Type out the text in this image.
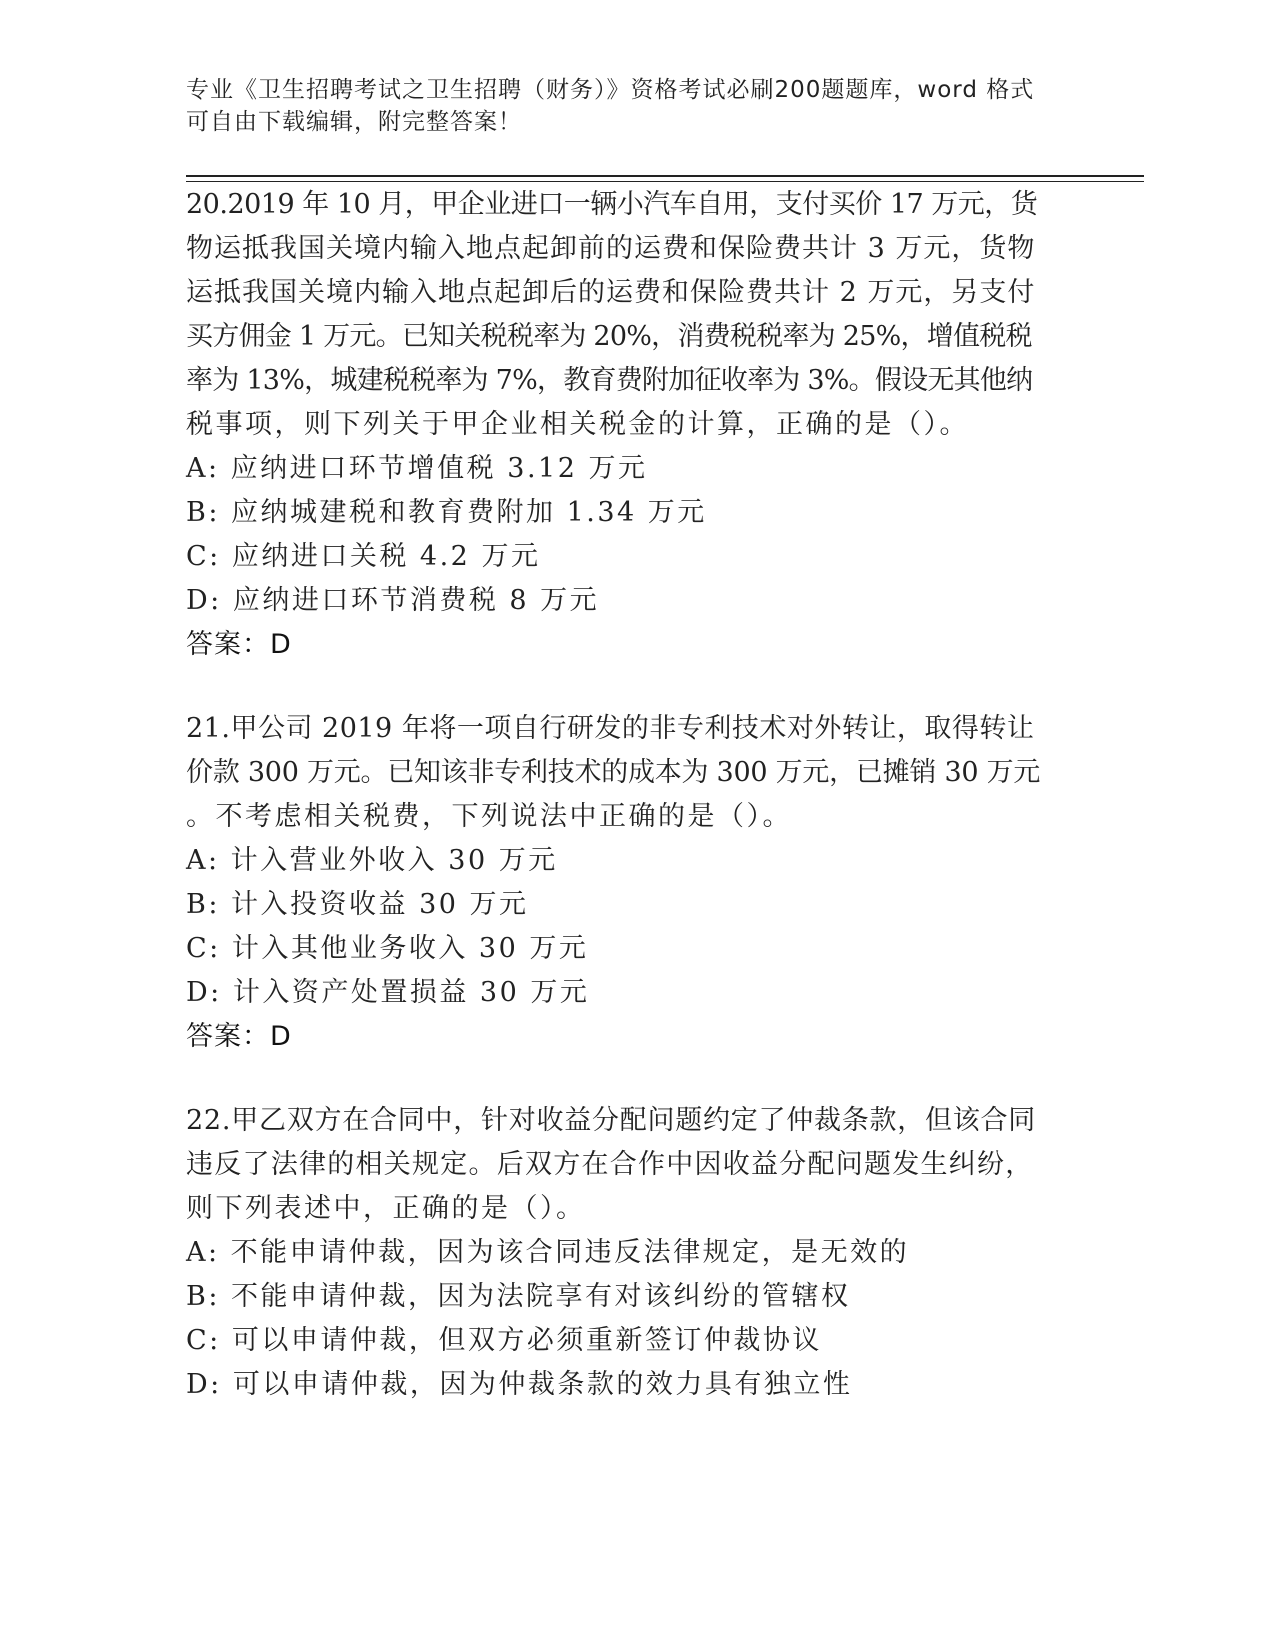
专业《卫生招聘考试之卫生招聘（财务）》资格考试必刷200题题库，word 格式
可自由下载编辑，附完整答案！
20.2019 年 10 月，甲企业进口一辆小汽车自用，支付买价 17 万元，货
物运抵我国关境内输入地点起卸前的运费和保险费共计 3 万元，货物
运抵我国关境内输入地点起卸后的运费和保险费共计 2 万元，另支付
买方佣金 1 万元。已知关税税率为 20%，消费税税率为 25%，增值税税
率为 13%，城建税税率为 7%，教育费附加征收率为 3%。假设无其他纳
税事项，则下列关于甲企业相关税金的计算，正确的是（）。
A: 应纳进口环节增值税 3.12 万元
B: 应纳城建税和教育费附加 1.34 万元
C: 应纳进口关税 4.2 万元
D: 应纳进口环节消费税 8 万元
答案：D
21.甲公司 2019 年将一项自行研发的非专利技术对外转让，取得转让
价款 300 万元。已知该非专利技术的成本为 300 万元，已摊销 30 万元
。不考虑相关税费，下列说法中正确的是（）。
A: 计入营业外收入 30 万元
B: 计入投资收益 30 万元
C: 计入其他业务收入 30 万元
D: 计入资产处置损益 30 万元
答案：D
22.甲乙双方在合同中，针对收益分配问题约定了仲裁条款，但该合同
违反了法律的相关规定。后双方在合作中因收益分配问题发生纠纷，
则下列表述中，正确的是（）。
A: 不能申请仲裁，因为该合同违反法律规定，是无效的
B: 不能申请仲裁，因为法院享有对该纠纷的管辖权
C: 可以申请仲裁，但双方必须重新签订仲裁协议
D: 可以申请仲裁，因为仲裁条款的效力具有独立性
